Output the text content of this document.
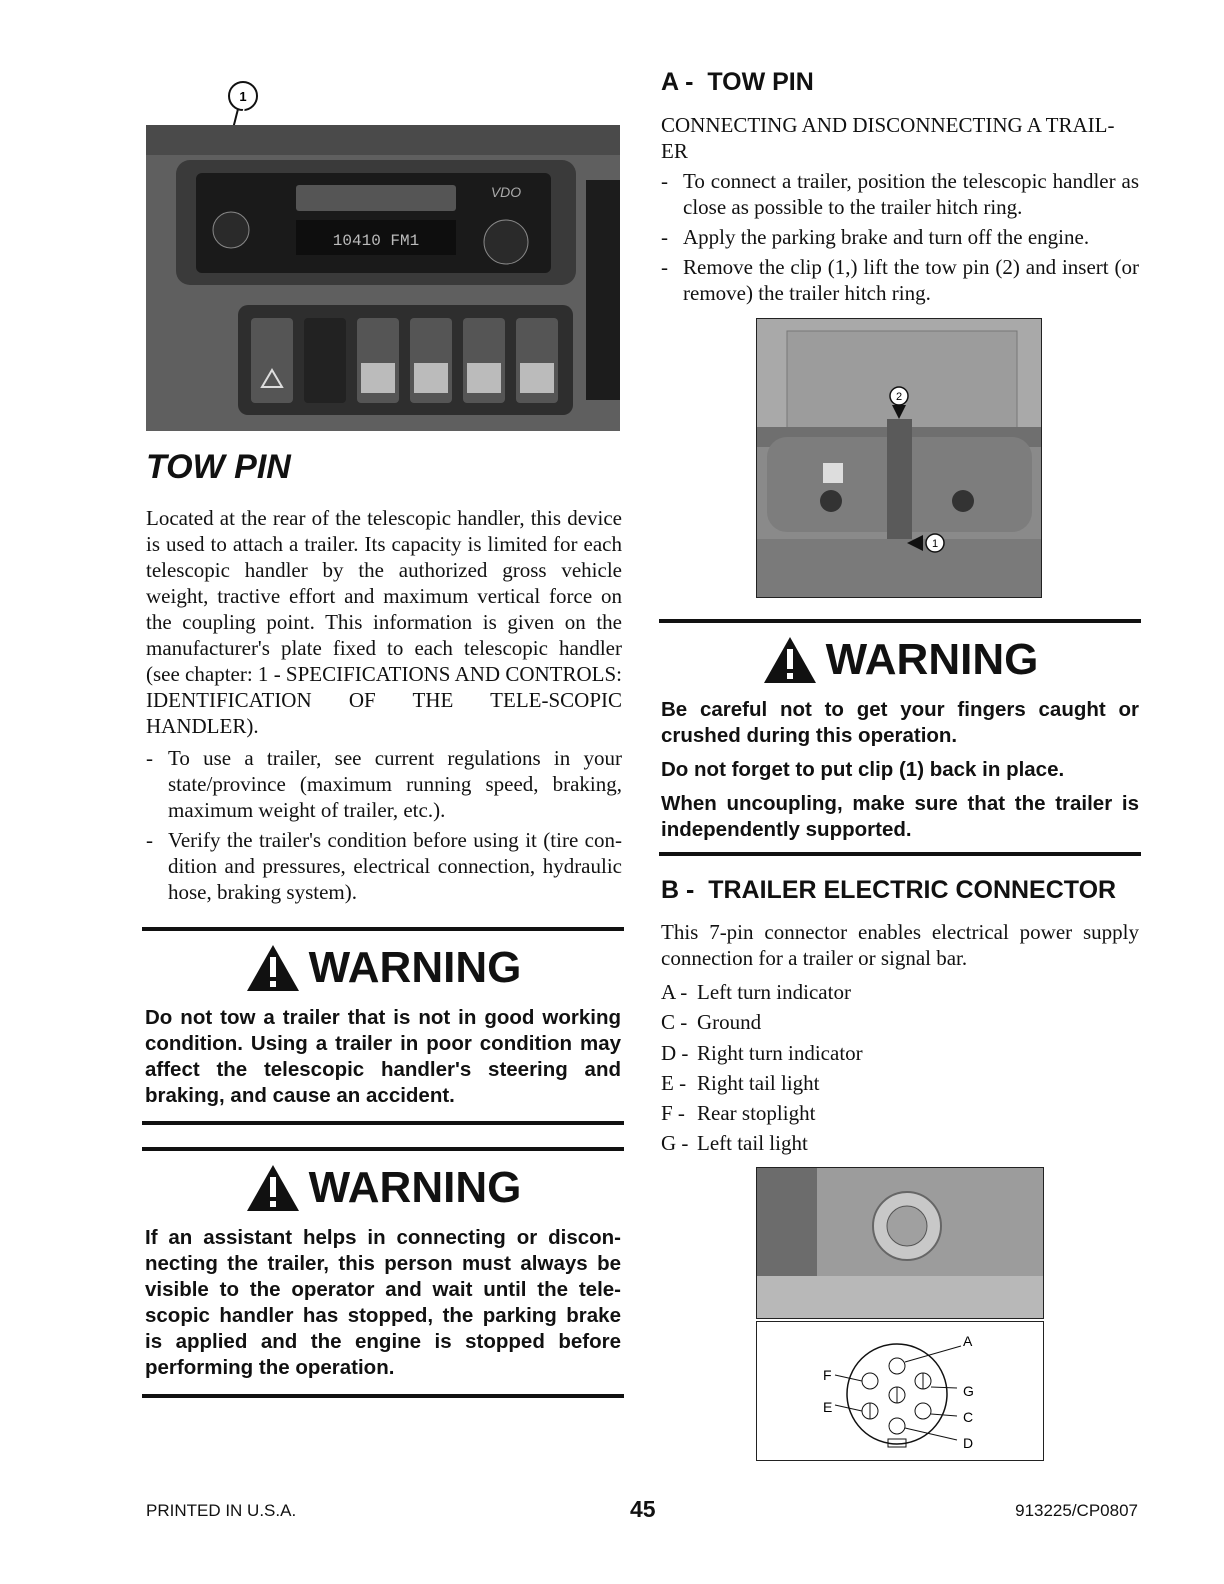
1
10410 FM1
VDO
TOW PIN
Located at the rear of the telescopic handler, this device is used to attach a trailer. Its capacity is limited for each telescopic handler by the authorized gross vehicle weight, tractive effort and maximum vertical force on the coupling point. This information is given on the manufacturer's plate fixed to each telescopic handler (see chapter: 1 - SPECIFICATIONS AND CONTROLS: IDENTIFICATION OF THE TELE-SCOPIC HANDLER).
- To use a trailer, see current regulations in your state/province (maximum running speed, braking, maximum weight of trailer, etc.).
- Verify the trailer's condition before using it (tire con-dition and pressures, electrical connection, hydraulic hose, braking system).
WARNING
Do not tow a trailer that is not in good working condition. Using a trailer in poor condition may affect the telescopic handler's steering and braking, and cause an accident.
WARNING
If an assistant helps in connecting or discon-necting the trailer, this person must always be visible to the operator and wait until the tele-scopic handler has stopped, the parking brake is applied and the engine is stopped before performing the operation.
A - TOW PIN
CONNECTING AND DISCONNECTING A TRAIL-ER
- To connect a trailer, position the telescopic handler as close as possible to the trailer hitch ring.
- Apply the parking brake and turn off the engine.
- Remove the clip (1,) lift the tow pin (2) and insert (or remove) the trailer hitch ring.
2
1
WARNING
Be careful not to get your fingers caught or crushed during this operation.
Do not forget to put clip (1) back in place.
When uncoupling, make sure that the trailer is independently supported.
B - TRAILER ELECTRIC CONNECTOR
This 7-pin connector enables electrical power supply connection for a trailer or signal bar.
A - Left turn indicator
C - Ground
D - Right turn indicator
E - Right tail light
F - Rear stoplight
G - Left tail light
A
F
E
G
C
D
PRINTED IN U.S.A.	45	913225/CP0807
